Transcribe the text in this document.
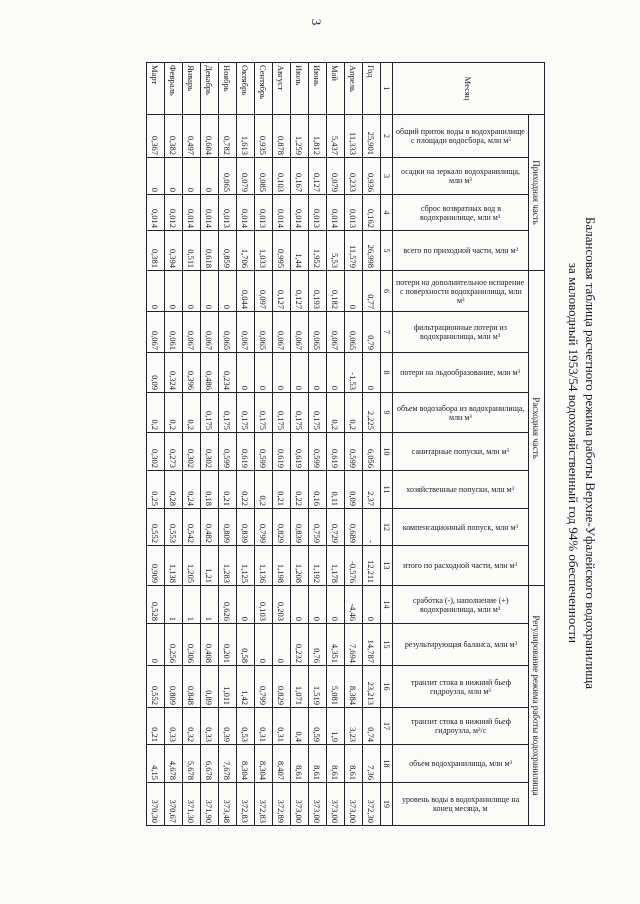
3
Балансовая таблица расчетного режима работы Верхне-Уфалейского водохранилища
за маловодный 1953/54 водохозяйственный год 94% обеспеченности
Месяц	Приходная часть				Расходная часть								Регулирование режима работы водохранилища					

	общий приток воды в водохранилище с площади водосбора, млн м³	осадки на зеркало водохранилища, млн м³	сброс возвратных вод в водохранилище, млн м³	всего по приходной части, млн м³	потери на дополнительное испарение с поверхности водохранилища, млн м³	фильтрационные потери из водохранилища, млн м³	потери на льдообразование, млн м³	объем водозабора из водохранилища, млн м³	санитарные попуски, млн м³	хозяйственные попуски, млн м³	компенсационный попуск, млн м³	итого по расходной части, млн м³	сработка (-), наполнение (+) водохранилища, млн м³	результирующая баланса, млн м³	транзит стока в нижний бьеф гидроузла, млн м³	транзит стока в нижний бьеф гидроузла, м³/с	объем водохранилища, млн м³	уровень воды в водохранилище на конец месяца, м

1	2	3	4	5	6	7	8	9	10	11	12	13	14	15	16	17	18	19
Год	25,901	0,936	0,162	26,998	0,77	0,79	0	2,225	6,056	2,37	-	12,211	0	14,787	23,213	0,74	7,36	372,30
Апрель	11,333	0,233	0,013	11,579	0	0,065	-1,53	0,2	0,599	0,09	0,689	-0,576	-4,46	7,694	8,384	3,23	8,61	373,00
Май	5,437	0,079	0,014	5,53	0,182	0,067	0	0,2	0,619	0,11	0,729	1,178	0	4,351	5,081	1,9	8,61	373,00
Июнь	1,812	0,127	0,013	1,952	0,193	0,065	0	0,175	0,599	0,16	0,759	1,192	0	0,76	1,519	0,59	8,61	373,00
Июль	1,259	0,167	0,014	1,44	0,127	0,067	0	0,175	0,619	0,22	0,839	1,208	0	0,232	1,071	0,4	8,61	373,00
Август	0,878	0,103	0,014	0,995	0,127	0,067	0	0,175	0,619	0,21	0,829	1,198	0,203	0	0,829	0,31	8,407	372,89
Сентябрь	0,935	0,085	0,013	1,033	0,097	0,065	0	0,175	0,599	0,2	0,799	1,136	0,103	0	0,799	0,31	8,304	372,83
Октябрь	1,613	0,079	0,014	1,706	0,044	0,067	0	0,175	0,619	0,22	0,839	1,125	0	0,58	1,42	0,53	8,304	372,83
Ноябрь	0,782	0,065	0,013	0,859	0	0,065	0,234	0,175	0,599	0,21	0,809	1,283	0,626	0,201	1,011	0,39	7,678	373,48
Декабрь	0,604	0	0,014	0,618	0	0,067	0,486	0,175	0,302	0,18	0,482	1,21	1	0,408	0,89	0,33	6,678	371,90
Январь	0,497	0	0,014	0,511	0	0,067	0,396	0,2	0,302	0,24	0,542	1,205	1	0,306	0,848	0,32	5,678	371,30
Февраль	0,382	0	0,012	0,394	0	0,061	0,324	0,2	0,273	0,28	0,553	1,138	1	0,256	0,809	0,33	4,678	370,67
Март	0,367	0	0,014	0,381	0	0,067	0,09	0,2	0,302	0,25	0,552	0,909	0,528	0	0,552	0,21	4,15	370,30
